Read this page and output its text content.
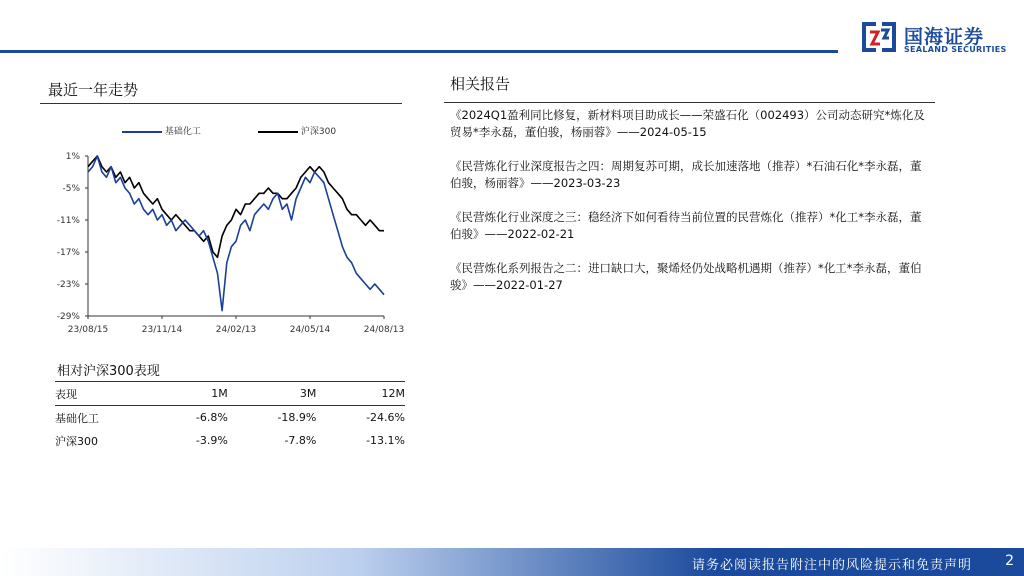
国海证券
SEALAND SECURITIES
最近一年走势
基础化工	沪深300
1%
-5%
-11%
-17%
-23%
-29%
23/08/15	23/11/14	24/02/13	24/05/14	24/08/13
相对沪深300表现
表现	1M	3M	12M
基础化工	-6.8%	-18.9%	-24.6%
沪深300	-3.9%	-7.8%	-13.1%
相关报告
《2024Q1盈利同比修复，新材料项目助成长——荣盛石化（002493）公司动态研究*炼化及贸易*李永磊，董伯骏，杨丽蓉》——2024-05-15
《民营炼化行业深度报告之四：周期复苏可期，成长加速落地（推荐）*石油石化*李永磊，董伯骏，杨丽蓉》——2023-03-23
《民营炼化行业深度之三：稳经济下如何看待当前位置的民营炼化（推荐）*化工*李永磊，董伯骏》——2022-02-21
《民营炼化系列报告之二：进口缺口大，聚烯烃仍处战略机遇期（推荐）*化工*李永磊，董伯骏》——2022-01-27
请务必阅读报告附注中的风险提示和免责声明 2
